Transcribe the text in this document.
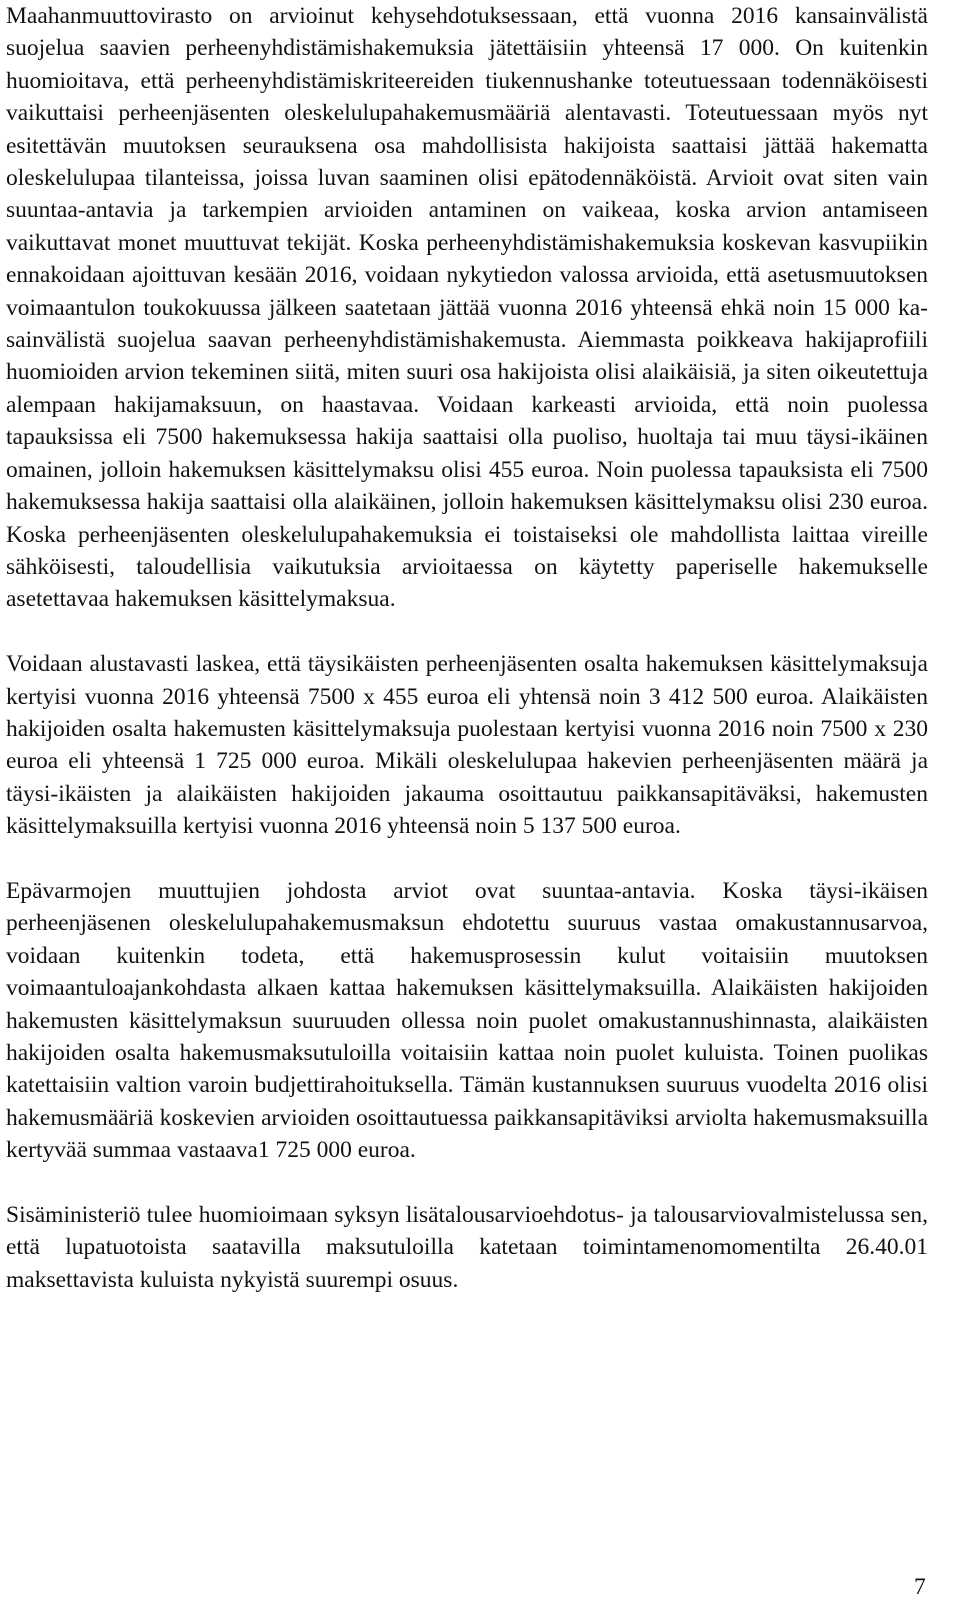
Maahanmuuttovirasto on arvioinut kehysehdotuksessaan, että vuonna 2016 kansainvälistä suojelua saavien perheenyhdistämishakemuksia jätettäisiin yhteensä 17 000. On kuitenkin huomioitava, että perheenyhdistämiskriteereiden tiukennushanke toteutuessaan todennäköisesti vaikuttaisi perheenjäsenten oleskelulupahakemusmääriä alentavasti. Toteutuessaan myös nyt esitettävän muutoksen seurauksena osa mahdollisista hakijoista saattaisi jättää hakematta oleskelulupaa tilanteissa, joissa luvan saaminen olisi epätodennäköistä. Arvioit ovat siten vain suuntaa-antavia ja tarkempien arvioiden antaminen on vaikeaa, koska arvion antamiseen vaikuttavat monet muuttuvat tekijät. Koska perheenyhdistämishakemuksia koskevan kasvupiikin ennakoidaan ajoittuvan kesään 2016, voidaan nykytiedon valossa arvioida, että asetusmuutoksen voimaantulon toukokuussa jälkeen saatetaan jättää vuonna 2016 yhteensä ehkä noin 15 000 kasainvälistä suojelua saavan perheenyhdistämishakemusta. Aiemmasta poikkeava hakijaprofiili huomioiden arvion tekeminen siitä, miten suuri osa hakijoista olisi alaikäisiä, ja siten oikeutettuja alempaan hakijamaksuun, on haastavaa. Voidaan karkeasti arvioida, että noin puolessa tapauksissa eli 7500 hakemuksessa hakija saattaisi olla puoliso, huoltaja tai muu täysi-ikäinen omainen, jolloin hakemuksen käsittelymaksu olisi 455 euroa. Noin puolessa tapauksista eli 7500 hakemuksessa hakija saattaisi olla alaikäinen, jolloin hakemuksen käsittelymaksu olisi 230 euroa. Koska perheenjäsenten oleskelulupahakemuksia ei toistaiseksi ole mahdollista laittaa vireille sähköisesti, taloudellisia vaikutuksia arvioitaessa on käytetty paperiselle hakemukselle asetettavaa hakemuksen käsittelymaksua.

Voidaan alustavasti laskea, että täysikäisten perheenjäsenten osalta hakemuksen käsittelymaksuja kertyisi vuonna 2016 yhteensä 7500 x 455 euroa eli yhtensä noin 3 412 500 euroa. Alaikäisten hakijoiden osalta hakemusten käsittelymaksuja puolestaan kertyisi vuonna 2016 noin 7500 x 230 euroa eli yhteensä 1 725 000 euroa. Mikäli oleskelulupaa hakevien perheenjäsenten määrä ja täysi-ikäisten ja alaikäisten hakijoiden jakauma osoittautuu paikkansapitäväksi, hakemusten käsittelymaksuilla kertyisi vuonna 2016 yhteensä noin 5 137 500 euroa.

Epävarmojen muuttujien johdosta arviot ovat suuntaa-antavia. Koska täysi-ikäisen perheenjäsenen oleskelulupahakemusmaksun ehdotettu suuruus vastaa omakustannusarvoa, voidaan kuitenkin todeta, että hakemusprosessin kulut voitaisiin muutoksen voimaantuloajankohdasta alkaen kattaa hakemuksen käsittelymaksuilla. Alaikäisten hakijoiden hakemusten käsittelymaksun suuruuden ollessa noin puolet omakustannushinnasta, alaikäisten hakijoiden osalta hakemusmaksutuloilla voitaisiin kattaa noin puolet kuluista. Toinen puolikas katettaisiin valtion varoin budjettirahoituksella. Tämän kustannuksen suuruus vuodelta 2016 olisi hakemusmääriä koskevien arvioiden osoittautuessa paikkansapitäviksi arviolta hakemusmaksuilla kertyvää summaa vastaava1 725 000 euroa.

Sisäministeriö tulee huomioimaan syksyn lisätalousarvioehdotus- ja talousarviovalmistelussa sen, että lupatuotoista saatavilla maksutuloilla katetaan toimintamenomomentilta 26.40.01 maksettavista kuluista nykyistä suurempi osuus.

7
